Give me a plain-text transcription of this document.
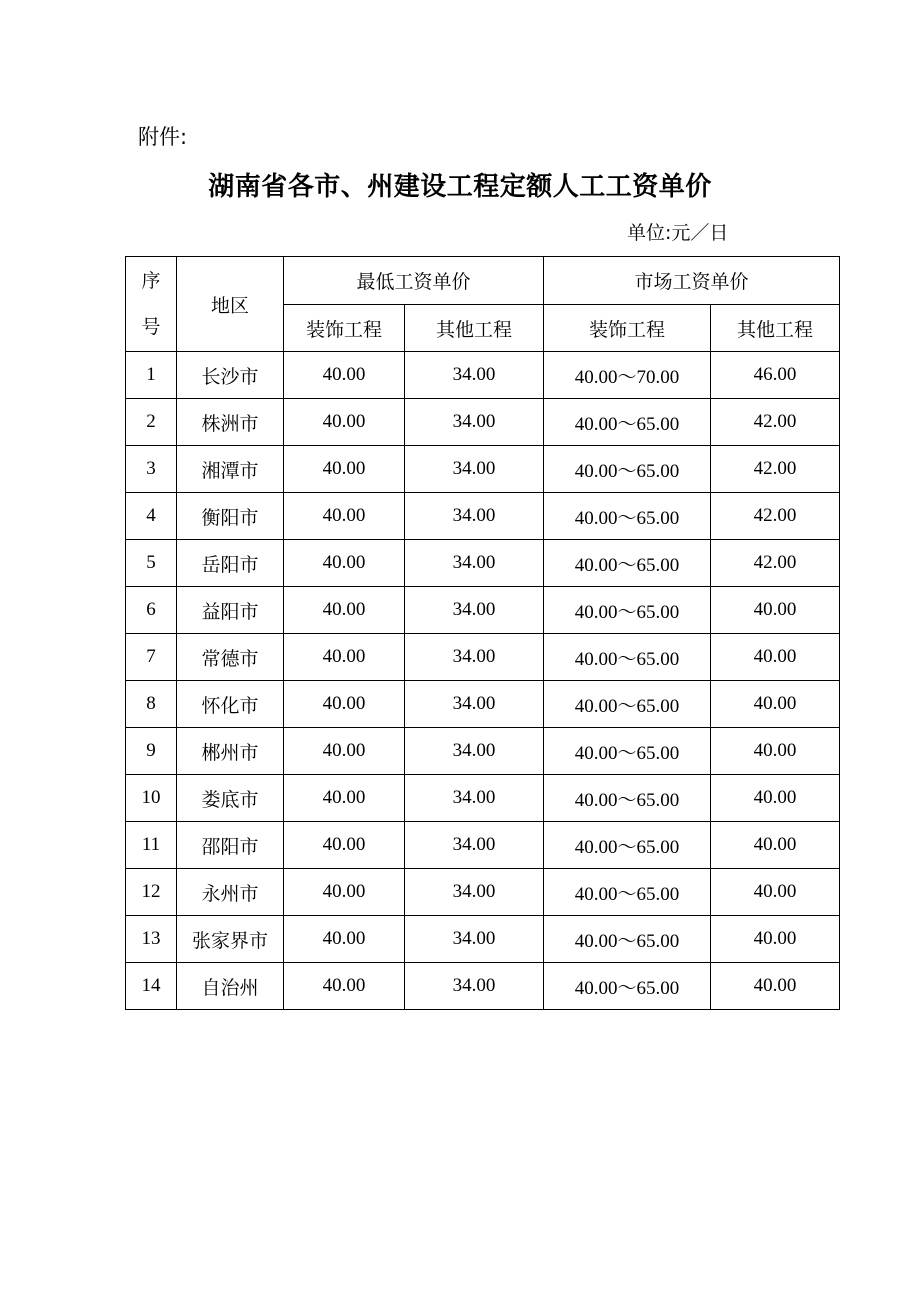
附件:
湖南省各市、州建设工程定额人工工资单价
单位:元／日
序
号	地区	最低工资单价		市场工资单价	
		装饰工程	其他工程	装饰工程	其他工程
1	长沙市	40.00	34.00	40.00～70.00	46.00
2	株洲市	40.00	34.00	40.00～65.00	42.00
3	湘潭市	40.00	34.00	40.00～65.00	42.00
4	衡阳市	40.00	34.00	40.00～65.00	42.00
5	岳阳市	40.00	34.00	40.00～65.00	42.00
6	益阳市	40.00	34.00	40.00～65.00	40.00
7	常德市	40.00	34.00	40.00～65.00	40.00
8	怀化市	40.00	34.00	40.00～65.00	40.00
9	郴州市	40.00	34.00	40.00～65.00	40.00
10	娄底市	40.00	34.00	40.00～65.00	40.00
11	邵阳市	40.00	34.00	40.00～65.00	40.00
12	永州市	40.00	34.00	40.00～65.00	40.00
13	张家界市	40.00	34.00	40.00～65.00	40.00
14	自治州	40.00	34.00	40.00～65.00	40.00
